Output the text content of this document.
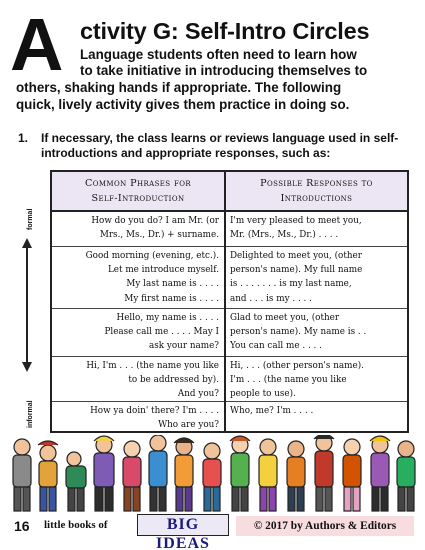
A ctivity G: Self-Intro Circles
Language students often need to learn how
to take initiative in introducing themselves to
others, shaking hands if appropriate. The following
quick, lively activity gives them practice in doing so.
1. If necessary, the class learns or reviews language used in self-introductions and appropriate responses, such as:
formal
informal
Common Phrases for
Self-Introduction
Possible Responses to
Introductions
How do you do? I am Mr. (or
Mrs., Ms., Dr.) + surname.
I'm very pleased to meet you,
Mr. (Mrs., Ms., Dr.) . . . .
Good morning (evening, etc.).
Let me introduce myself.
My last name is . . . .
My first name is . . . .
Delighted to meet you, (other
person's name). My full name
is . . . . . . . is my last name,
and . . . is my . . . .
Hello, my name is . . . .
Please call me . . . . May I
ask your name?
Glad to meet you, (other
person's name). My name is . .
You can call me . . . .
Hi, I'm . . . (the name you like
to be addressed by).
And you?
Hi, . . . (other person's name).
I'm . . . (the name you like
people to use).
How ya doin' there? I'm . . . .
Who are you?
Who, me? I'm . . . .
16 little books of	BIG IDEAS
© 2017 by Authors & Editors
